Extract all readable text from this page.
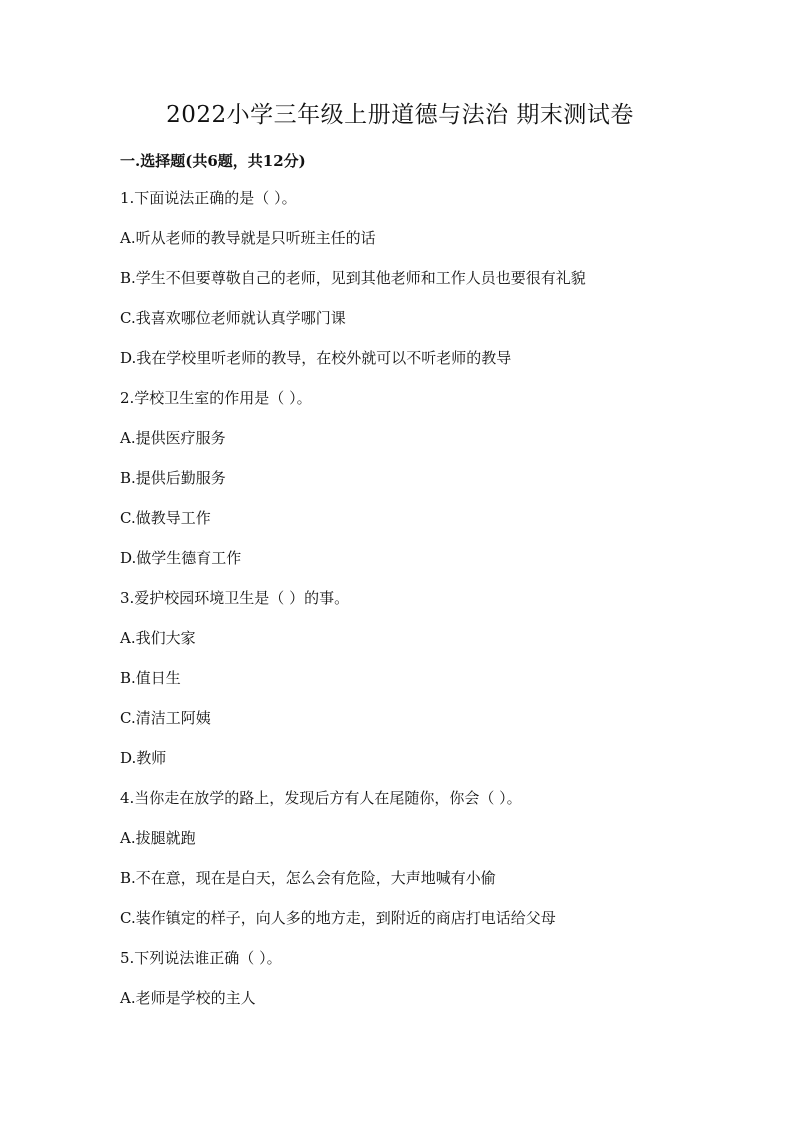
2022小学三年级上册道德与法治 期末测试卷
一.选择题(共6题，共12分)
1.下面说法正确的是（ ）。
A.听从老师的教导就是只听班主任的话
B.学生不但要尊敬自己的老师，见到其他老师和工作人员也要很有礼貌
C.我喜欢哪位老师就认真学哪门课
D.我在学校里听老师的教导，在校外就可以不听老师的教导
2.学校卫生室的作用是（ ）。
A.提供医疗服务
B.提供后勤服务
C.做教导工作
D.做学生德育工作
3.爱护校园环境卫生是（ ）的事。
A.我们大家
B.值日生
C.清洁工阿姨
D.教师
4.当你走在放学的路上，发现后方有人在尾随你，你会（ ）。
A.拔腿就跑
B.不在意，现在是白天，怎么会有危险，大声地喊有小偷
C.装作镇定的样子，向人多的地方走，到附近的商店打电话给父母
5.下列说法谁正确（ ）。
A.老师是学校的主人
